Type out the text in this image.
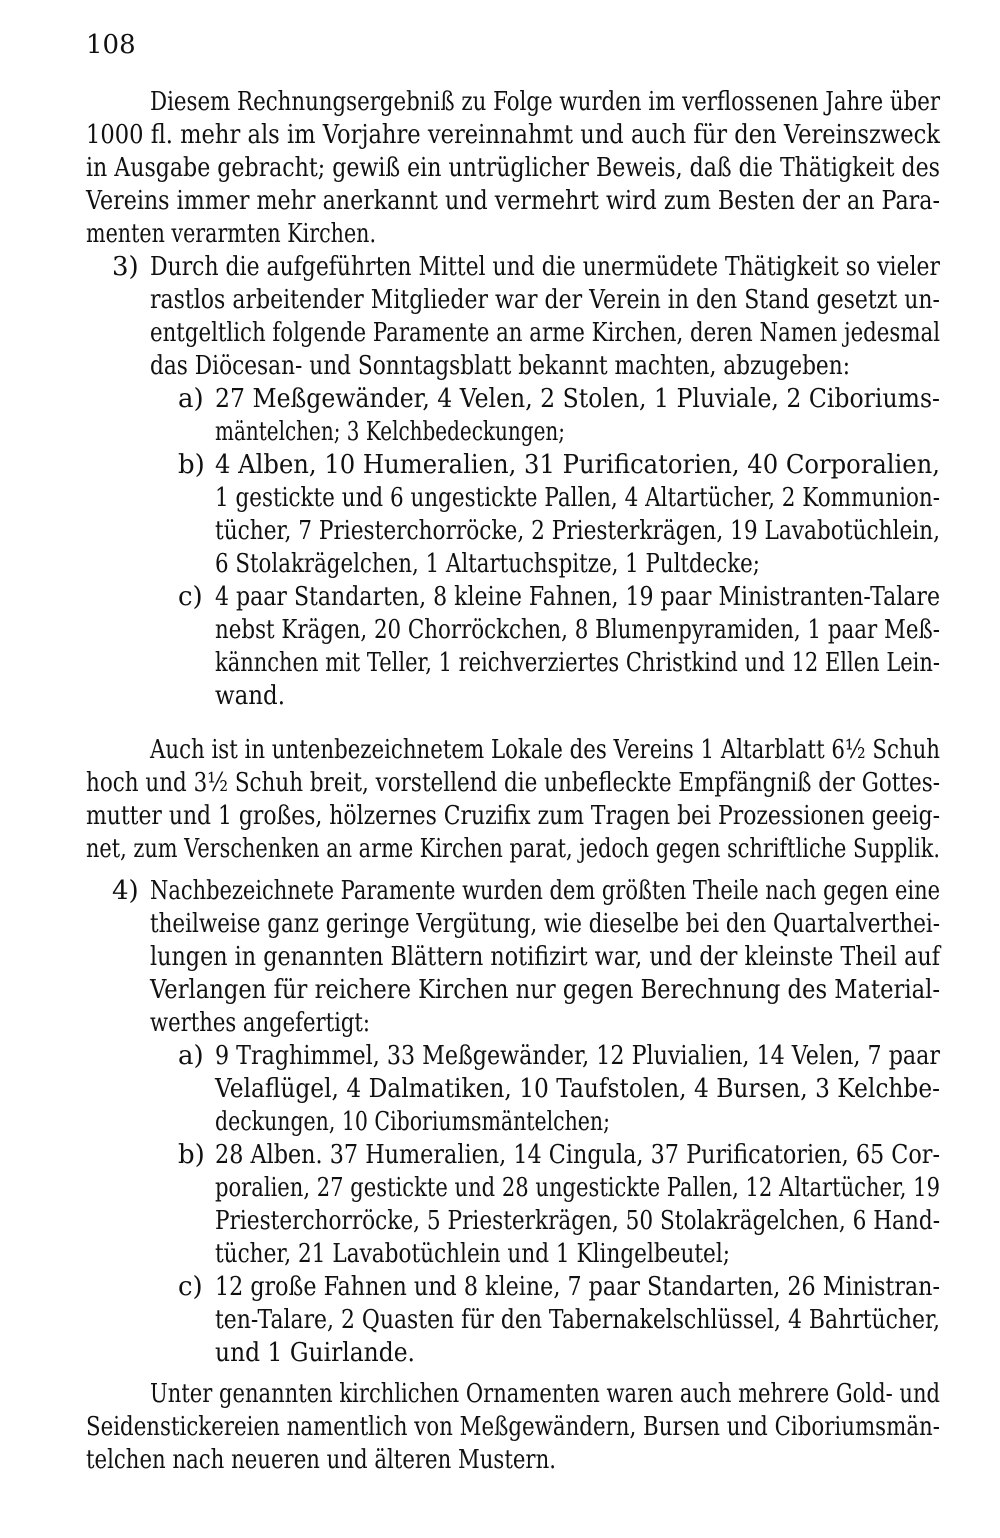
108
Diesem Rechnungsergebniß zu Folge wurden im verflossenen Jahre über
1000 fl. mehr als im Vorjahre vereinnahmt und auch für den Vereinszweck
in Ausgabe gebracht; gewiß ein untrüglicher Beweis, daß die Thätigkeit des
Vereins immer mehr anerkannt und vermehrt wird zum Besten der an Para-
menten verarmten Kirchen.
3) Durch die aufgeführten Mittel und die unermüdete Thätigkeit so vieler
rastlos arbeitender Mitglieder war der Verein in den Stand gesetzt un-
entgeltlich folgende Paramente an arme Kirchen, deren Namen jedesmal
das Diöcesan- und Sonntagsblatt bekannt machten, abzugeben:
a) 27 Meßgewänder, 4 Velen, 2 Stolen, 1 Pluviale, 2 Ciboriums-
mäntelchen; 3 Kelchbedeckungen;
b) 4 Alben, 10 Humeralien, 31 Purificatorien, 40 Corporalien,
1 gestickte und 6 ungestickte Pallen, 4 Altartücher, 2 Kommunion-
tücher, 7 Priesterchorröcke, 2 Priesterkrägen, 19 Lavabotüchlein,
6 Stolakrägelchen, 1 Altartuchspitze, 1 Pultdecke;
c) 4 paar Standarten, 8 kleine Fahnen, 19 paar Ministranten-Talare
nebst Krägen, 20 Chorröckchen, 8 Blumenpyramiden, 1 paar Meß-
kännchen mit Teller, 1 reichverziertes Christkind und 12 Ellen Lein-
wand.
Auch ist in untenbezeichnetem Lokale des Vereins 1 Altarblatt 6½ Schuh
hoch und 3½ Schuh breit, vorstellend die unbefleckte Empfängniß der Gottes-
mutter und 1 großes, hölzernes Cruzifix zum Tragen bei Prozessionen geeig-
net, zum Verschenken an arme Kirchen parat, jedoch gegen schriftliche Supplik.
4) Nachbezeichnete Paramente wurden dem größten Theile nach gegen eine
theilweise ganz geringe Vergütung, wie dieselbe bei den Quartalverthei-
lungen in genannten Blättern notifizirt war, und der kleinste Theil auf
Verlangen für reichere Kirchen nur gegen Berechnung des Material-
werthes angefertigt:
a) 9 Traghimmel, 33 Meßgewänder, 12 Pluvialien, 14 Velen, 7 paar
Velaflügel, 4 Dalmatiken, 10 Taufstolen, 4 Bursen, 3 Kelchbe-
deckungen, 10 Ciboriumsmäntelchen;
b) 28 Alben. 37 Humeralien, 14 Cingula, 37 Purificatorien, 65 Cor-
poralien, 27 gestickte und 28 ungestickte Pallen, 12 Altartücher, 19
Priesterchorröcke, 5 Priesterkrägen, 50 Stolakrägelchen, 6 Hand-
tücher, 21 Lavabotüchlein und 1 Klingelbeutel;
c) 12 große Fahnen und 8 kleine, 7 paar Standarten, 26 Ministran-
ten-Talare, 2 Quasten für den Tabernakelschlüssel, 4 Bahrtücher,
und 1 Guirlande.
Unter genannten kirchlichen Ornamenten waren auch mehrere Gold- und
Seidenstickereien namentlich von Meßgewändern, Bursen und Ciboriumsmän-
telchen nach neueren und älteren Mustern.
